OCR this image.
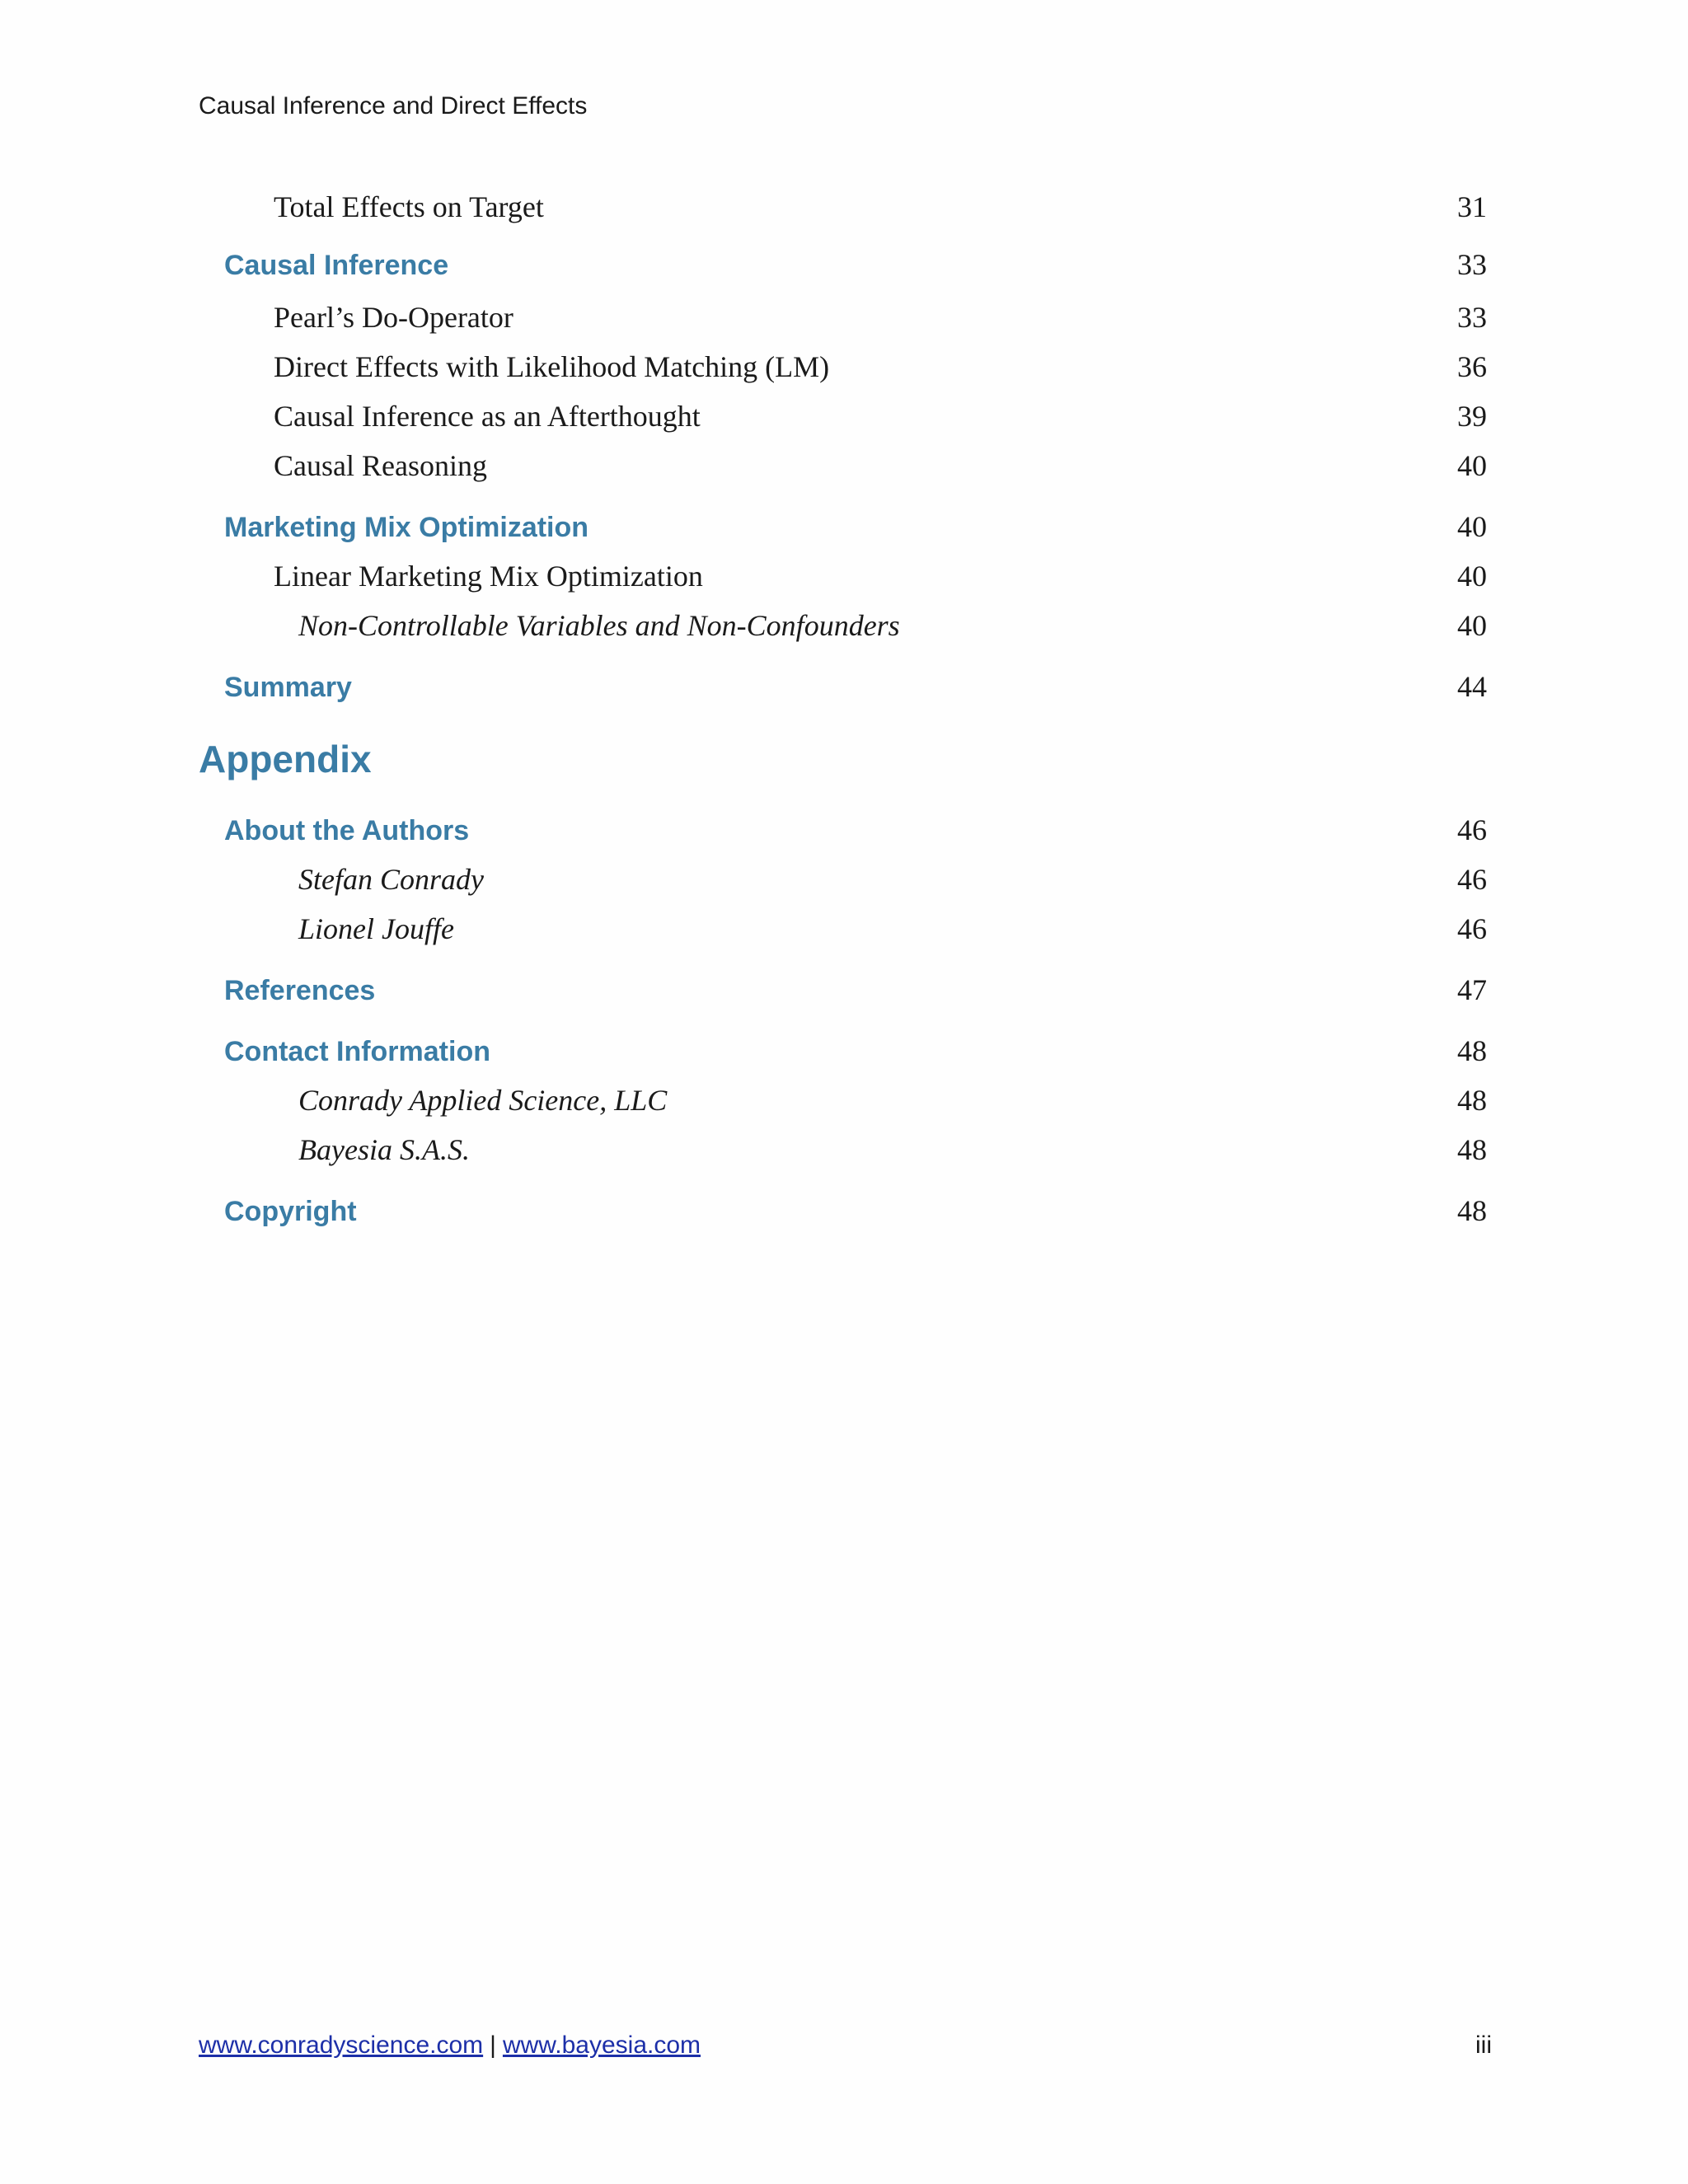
Causal Inference and Direct Effects
Total Effects on Target	31
Causal Inference	33
Pearl’s Do-Operator	33
Direct Effects with Likelihood Matching (LM)	36
Causal Inference as an Afterthought	39
Causal Reasoning	40
Marketing Mix Optimization	40
Linear Marketing Mix Optimization	40
Non-Controllable Variables and Non-Confounders	40
Summary	44
Appendix
About the Authors	46
Stefan Conrady	46
Lionel Jouffe	46
References	47
Contact Information	48
Conrady Applied Science, LLC	48
Bayesia S.A.S.	48
Copyright	48
www.conradyscience.com | www.bayesia.com	iii
